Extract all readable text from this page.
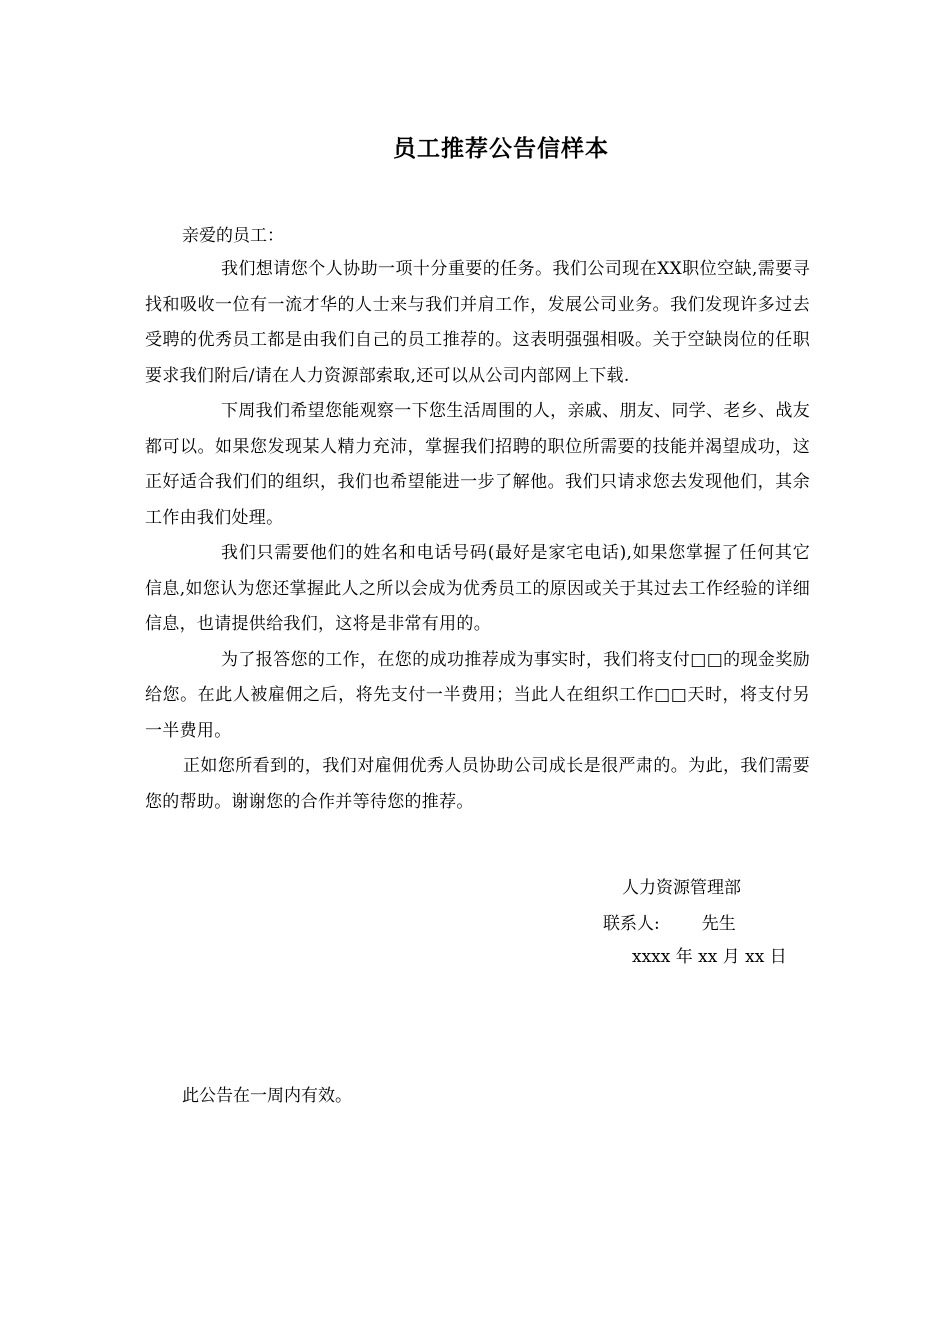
员工推荐公告信样本
亲爱的员工：

我们想请您个人协助一项十分重要的任务。我们公司现在XX职位空缺,需要寻找和吸收一位有一流才华的人士来与我们并肩工作，发展公司业务。我们发现许多过去受聘的优秀员工都是由我们自己的员工推荐的。这表明强强相吸。关于空缺岗位的任职要求我们附后/请在人力资源部索取,还可以从公司内部网上下载.

下周我们希望您能观察一下您生活周围的人，亲戚、朋友、同学、老乡、战友都可以。如果您发现某人精力充沛，掌握我们招聘的职位所需要的技能并渴望成功，这正好适合我们们的组织，我们也希望能进一步了解他。我们只请求您去发现他们，其余工作由我们处理。

我们只需要他们的姓名和电话号码(最好是家宅电话),如果您掌握了任何其它信息,如您认为您还掌握此人之所以会成为优秀员工的原因或关于其过去工作经验的详细信息，也请提供给我们，这将是非常有用的。

为了报答您的工作，在您的成功推荐成为事实时，我们将支付□□的现金奖励给您。在此人被雇佣之后，将先支付一半费用；当此人在组织工作□□天时，将支付另一半费用。

正如您所看到的，我们对雇佣优秀人员协助公司成长是很严肃的。为此，我们需要您的帮助。谢谢您的合作并等待您的推荐。

人力资源管理部
联系人: 先生
xxxx 年 xx 月 xx 日
此公告在一周内有效。
